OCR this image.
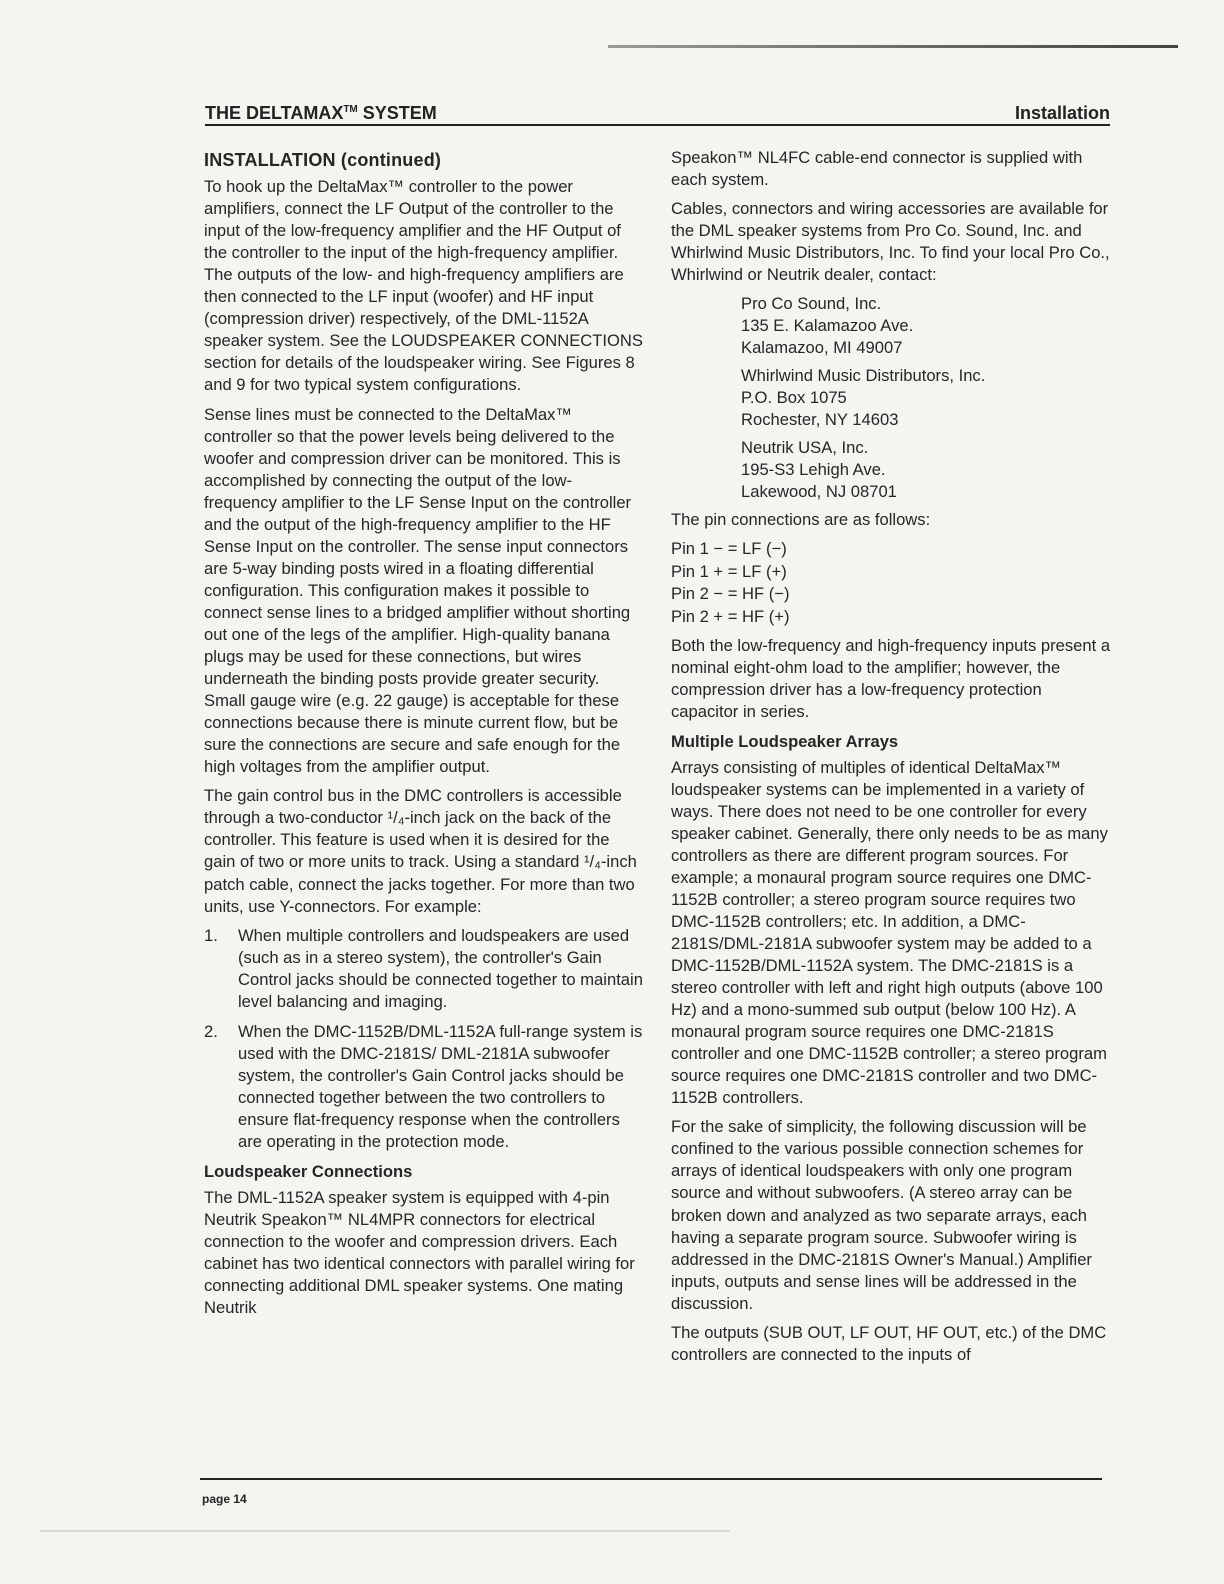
THE DELTAMAX™ SYSTEM	Installation
INSTALLATION (continued)

To hook up the DeltaMax™ controller to the power amplifiers, connect the LF Output of the controller to the input of the low-frequency amplifier and the HF Output of the controller to the input of the high-frequency amplifier. The outputs of the low- and high-frequency amplifiers are then connected to the LF input (woofer) and HF input (compression driver) respectively, of the DML-1152A speaker system. See the LOUDSPEAKER CONNECTIONS section for details of the loudspeaker wiring. See Figures 8 and 9 for two typical system configurations.

Sense lines must be connected to the DeltaMax™ controller so that the power levels being delivered to the woofer and compression driver can be monitored. This is accomplished by connecting the output of the low-frequency amplifier to the LF Sense Input on the controller and the output of the high-frequency amplifier to the HF Sense Input on the controller. The sense input connectors are 5-way binding posts wired in a floating differential configuration. This configuration makes it possible to connect sense lines to a bridged amplifier without shorting out one of the legs of the amplifier. High-quality banana plugs may be used for these connections, but wires underneath the binding posts provide greater security. Small gauge wire (e.g. 22 gauge) is acceptable for these connections because there is minute current flow, but be sure the connections are secure and safe enough for the high voltages from the amplifier output.

The gain control bus in the DMC controllers is accessible through a two-conductor ¹/₄-inch jack on the back of the controller. This feature is used when it is desired for the gain of two or more units to track. Using a standard ¹/₄-inch patch cable, connect the jacks together. For more than two units, use Y-connectors. For example:

1.	When multiple controllers and loudspeakers are used (such as in a stereo system), the controller's Gain Control jacks should be connected together to maintain level balancing and imaging.
2.	When the DMC-1152B/DML-1152A full-range system is used with the DMC-2181S/ DML-2181A subwoofer system, the controller's Gain Control jacks should be connected together between the two controllers to ensure flat-frequency response when the controllers are operating in the protection mode.
Loudspeaker Connections

The DML-1152A speaker system is equipped with 4-pin Neutrik Speakon™ NL4MPR connectors for electrical connection to the woofer and compression drivers. Each cabinet has two identical connectors with parallel wiring for connecting additional DML speaker systems. One mating Neutrik

Speakon™ NL4FC cable-end connector is supplied with each system.

Cables, connectors and wiring accessories are available for the DML speaker systems from Pro Co. Sound, Inc. and Whirlwind Music Distributors, Inc. To find your local Pro Co., Whirlwind or Neutrik dealer, contact:

Pro Co Sound, Inc.
135 E. Kalamazoo Ave.
Kalamazoo, MI 49007
Whirlwind Music Distributors, Inc.
P.O. Box 1075
Rochester, NY 14603
Neutrik USA, Inc.
195-S3 Lehigh Ave.
Lakewood, NJ 08701

The pin connections are as follows:

Pin 1 − = LF (−)
Pin 1 + = LF (+)
Pin 2 − = HF (−)
Pin 2 + = HF (+)

Both the low-frequency and high-frequency inputs present a nominal eight-ohm load to the amplifier; however, the compression driver has a low-frequency protection capacitor in series.

Multiple Loudspeaker Arrays

Arrays consisting of multiples of identical DeltaMax™ loudspeaker systems can be implemented in a variety of ways. There does not need to be one controller for every speaker cabinet. Generally, there only needs to be as many controllers as there are different program sources. For example; a monaural program source requires one DMC-1152B controller; a stereo program source requires two DMC-1152B controllers; etc. In addition, a DMC-2181S/DML-2181A subwoofer system may be added to a DMC-1152B/DML-1152A system. The DMC-2181S is a stereo controller with left and right high outputs (above 100 Hz) and a mono-summed sub output (below 100 Hz). A monaural program source requires one DMC-2181S controller and one DMC-1152B controller; a stereo program source requires one DMC-2181S controller and two DMC-1152B controllers.

For the sake of simplicity, the following discussion will be confined to the various possible connection schemes for arrays of identical loudspeakers with only one program source and without subwoofers. (A stereo array can be broken down and analyzed as two separate arrays, each having a separate program source. Subwoofer wiring is addressed in the DMC-2181S Owner's Manual.) Amplifier inputs, outputs and sense lines will be addressed in the discussion.

The outputs (SUB OUT, LF OUT, HF OUT, etc.) of the DMC controllers are connected to the inputs of

page 14
